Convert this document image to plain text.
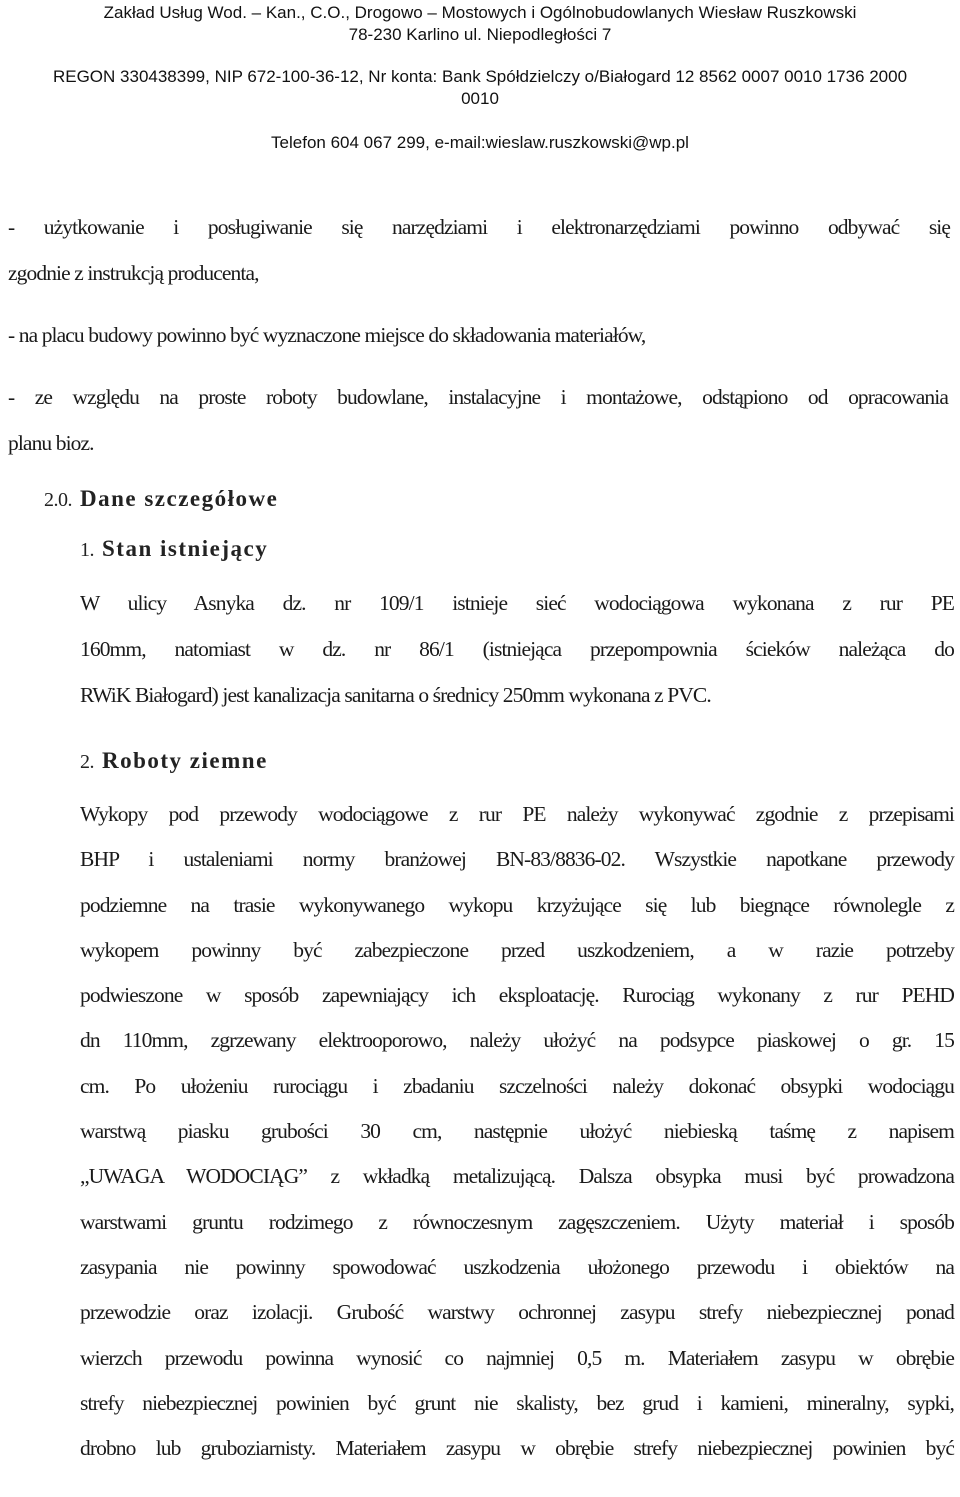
Zakład Usług Wod. – Kan., C.O., Drogowo – Mostowych i Ogólnobudowlanych Wiesław Ruszkowski
78-230 Karlino ul. Niepodległości 7
REGON 330438399, NIP 672-100-36-12, Nr konta: Bank Spółdzielczy o/Białogard 12 8562 0007 0010 1736 2000
0010
Telefon 604 067 299, e-mail:wieslaw.ruszkowski@wp.pl
- użytkowanie i posługiwanie się narzędziami i elektronarzędziami powinno odbywać się
zgodnie z instrukcją producenta,
- na placu budowy powinno być wyznaczone miejsce do składowania materiałów,
- ze względu na proste roboty budowlane, instalacyjne i montażowe, odstąpiono od opracowania
planu bioz.
2.0. Dane szczegółowe
1. Stan istniejący
W ulicy Asnyka dz. nr 109/1 istnieje sieć wodociągowa wykonana z rur PE
160mm, natomiast w dz. nr 86/1 (istniejąca przepompownia ścieków należąca do
RWiK Białogard) jest kanalizacja sanitarna o średnicy 250mm wykonana z PVC.
2. Roboty ziemne
Wykopy pod przewody wodociągowe z rur PE należy wykonywać zgodnie z przepisami
BHP i ustaleniami normy branżowej BN-83/8836-02. Wszystkie napotkane przewody
podziemne na trasie wykonywanego wykopu krzyżujące się lub biegnące równolegle z
wykopem powinny być zabezpieczone przed uszkodzeniem, a w razie potrzeby
podwieszone w sposób zapewniający ich eksploatację. Rurociąg wykonany z rur PEHD
dn 110mm, zgrzewany elektrooporowo, należy ułożyć na podsypce piaskowej o gr. 15
cm. Po ułożeniu rurociągu i zbadaniu szczelności należy dokonać obsypki wodociągu
warstwą piasku grubości 30 cm, następnie ułożyć niebieską taśmę z napisem
„UWAGA WODOCIĄG” z wkładką metalizującą. Dalsza obsypka musi być prowadzona
warstwami gruntu rodzimego z równoczesnym zagęszczeniem. Użyty materiał i sposób
zasypania nie powinny spowodować uszkodzenia ułożonego przewodu i obiektów na
przewodzie oraz izolacji. Grubość warstwy ochronnej zasypu strefy niebezpiecznej ponad
wierzch przewodu powinna wynosić co najmniej 0,5 m. Materiałem zasypu w obrębie
strefy niebezpiecznej powinien być grunt nie skalisty, bez grud i kamieni, mineralny, sypki,
drobno lub gruboziarnisty. Materiałem zasypu w obrębie strefy niebezpiecznej powinien być
